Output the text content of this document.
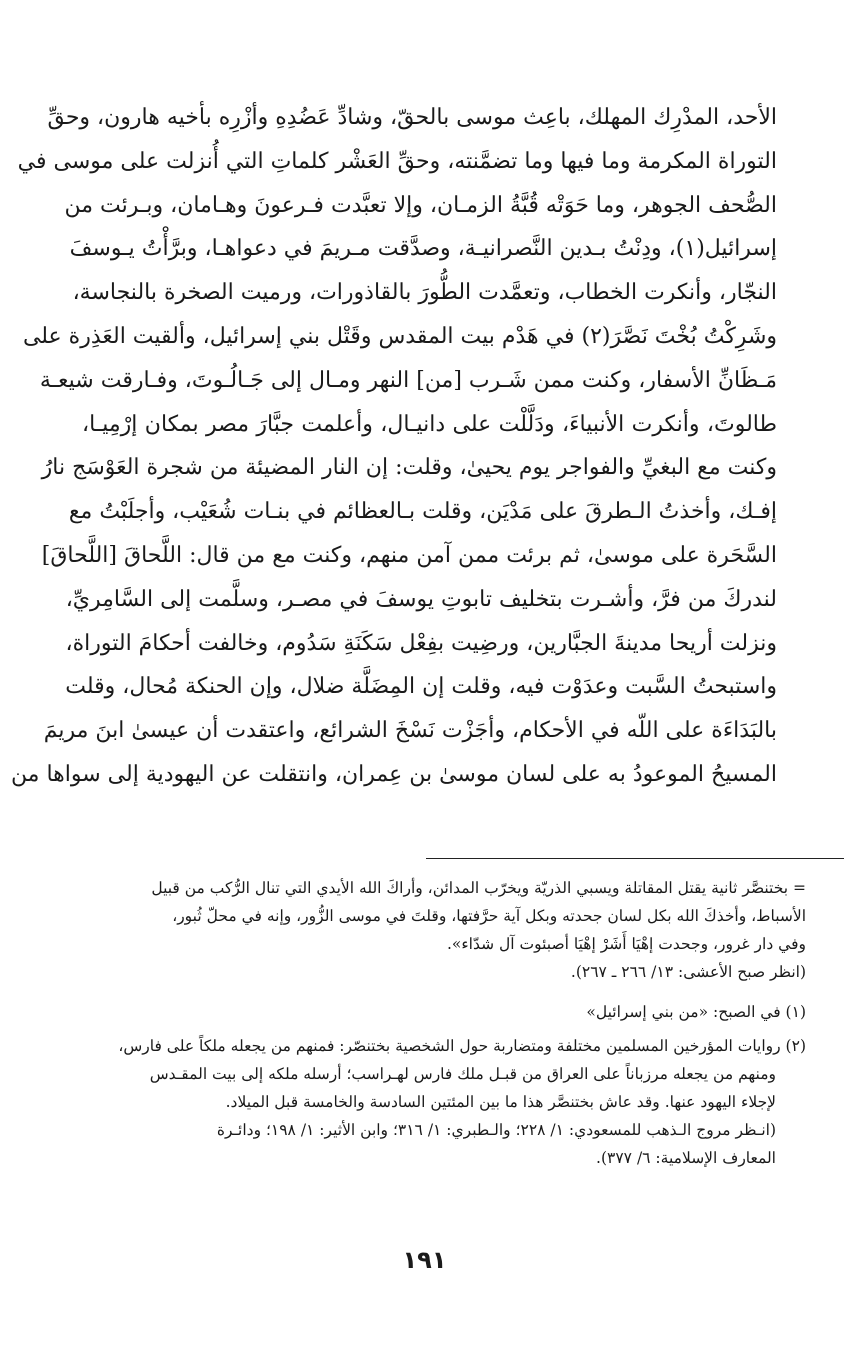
الأحد، المدْرِك المهلك، باعِث موسى بالحقّ، وشادِّ عَضُدِهِ وأزْرِه بأخيه هارون، وحقِّ
التوراة المكرمة وما فيها وما تضمَّنته، وحقِّ العَشْر كلماتِ التي أُنزلت على موسى في
الصُّحف الجوهر، وما حَوَتْه قُبَّةُ الزمـان، وإلا تعبَّدت فـرعونَ وهـامان، وبـرئت من
إسرائيل(١)، ودِنْتُ بـدين النَّصرانيـة، وصدَّقت مـريمَ في دعواهـا، وبرَّأْتُ يـوسفَ
النجّار، وأنكرت الخطاب، وتعمَّدت الطُّورَ بالقاذورات، ورميت الصخرة بالنجاسة،
وشَرِكْتُ بُخْتَ نَصَّرَ(٢) في هَدْم بيت المقدس وقَتْل بني إسرائيل، وألقيت العَذِرة على
مَـظَانِّ الأسفار، وكنت ممن شَـرب [من] النهر ومـال إلى جَـالُـوتَ، وفـارقت شيعـة
طالوتَ، وأنكرت الأنبياءَ، ودَلَّلْت على دانيـال، وأعلمت جبَّارَ مصر بمكان إرْمِيـا،
وكنت مع البغيِّ والفواجر يوم يحيىٰ، وقلت: إن النار المضيئة من شجرة العَوْسَج نارُ
إفـك، وأخذتُ الـطرقَ على مَدْيَن، وقلت بـالعظائم في بنـات شُعَيْب، وأجلَبْتُ مع
السَّحَرة على موسىٰ، ثم برئت ممن آمن منهم، وكنت مع من قال: اللَّحاقَ [اللَّحاقَ]
لندركَ من فرَّ، وأشـرت بتخليف تابوتِ يوسفَ في مصـر، وسلَّمت إلى السَّامِريِّ،
ونزلت أريحا مدينةَ الجبَّارين، ورضِيت بفِعْل سَكَنَةِ سَدُوم، وخالفت أحكامَ التوراة،
واستبحتُ السَّبت وعدَوْت فيه، وقلت إن المِضَلَّة ضلال، وإن الحنكة مُحال، وقلت
بالبَدَاءَة على اللّه في الأحكام، وأجَزْت نَسْخَ الشرائع، واعتقدت أن عيسىٰ ابنَ مريمَ
المسيحُ الموعودُ به على لسان موسىٰ بن عِمران، وانتقلت عن اليهودية إلى سواها من
= بختنصَّر ثانية يقتل المقاتلة ويسبي الذريّة ويخرّب المدائن، وأراكَ الله الأيدي التي تنال الرُّكب من قبيل
الأسباط، وأخذكَ الله بكل لسان جحدته وبكل آية حرَّفتها، وقلتَ في موسى الزُّور، وإنه في محلّ ثُبور،
وفي دار غرور، وجحدت إهْيَا أَشَرْ إهْيَا أصبئوت آل شدّاء».
(انظر صبح الأعشى: ١٣/ ٢٦٦ ـ ٢٦٧).
(١) في الصبح: «من بني إسرائيل»
(٢) روايات المؤرخين المسلمين مختلفة ومتضاربة حول الشخصية بختنصّر: فمنهم من يجعله ملكاً على فارس،
ومنهم من يجعله مرزباناً على العراق من قبـل ملك فارس لهـراسب؛ أرسله ملكه إلى بيت المقـدس
لإجلاء اليهود عنها. وقد عاش بختنصَّر هذا ما بين المئتين السادسة والخامسة قبل الميلاد.
(انـظر مروج الـذهب للمسعودي: ١/ ٢٢٨؛ والـطبري: ١/ ٣١٦؛ وابن الأثير: ١/ ١٩٨؛ ودائـرة
المعارف الإسلامية: ٦/ ٣٧٧).
١٩١
